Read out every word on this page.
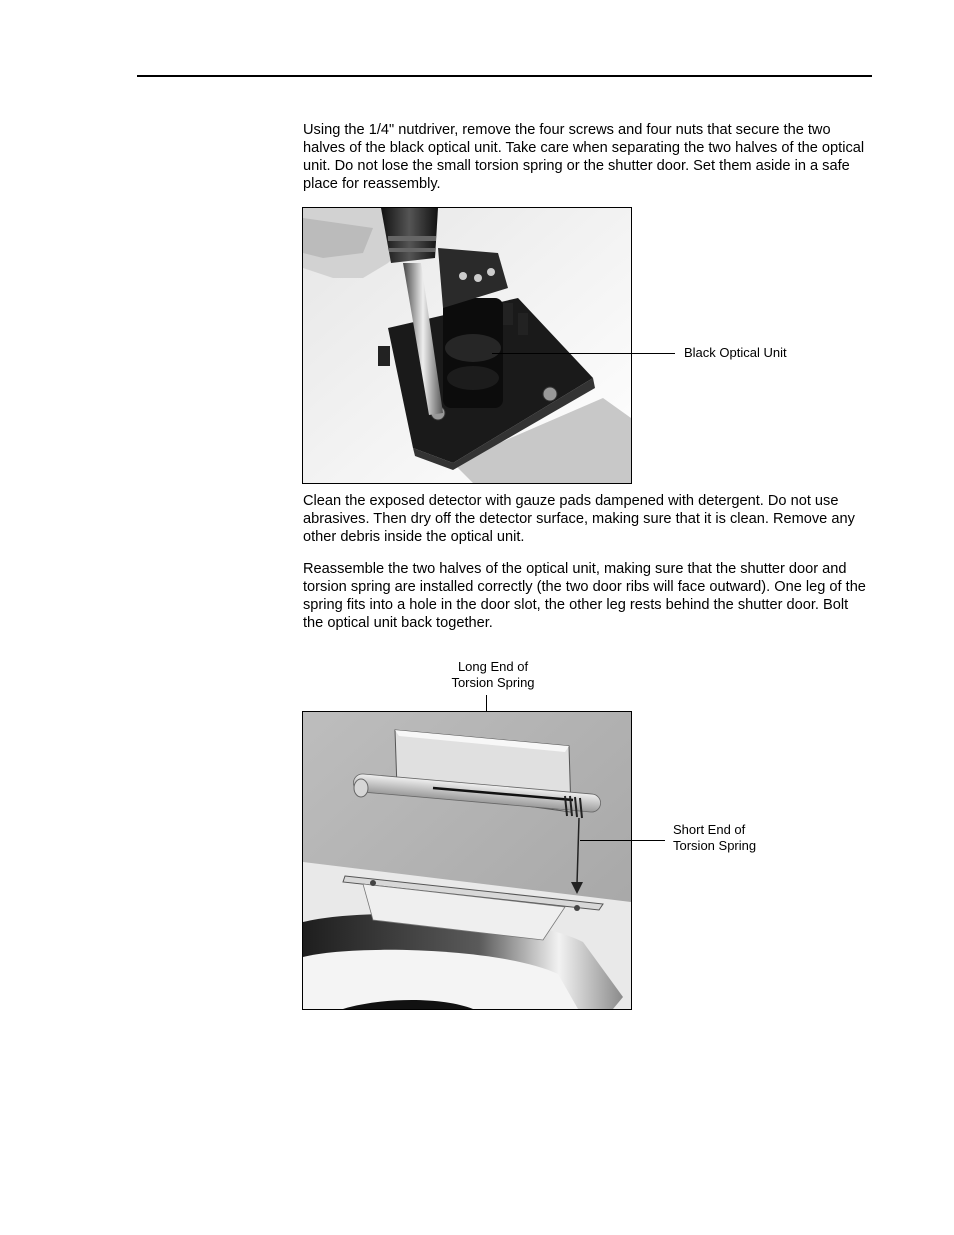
Using the 1/4" nutdriver, remove the four screws and four nuts that secure the two halves of the black optical unit. Take care when separating the two halves of the optical unit. Do not lose the small torsion spring or the shutter door. Set them aside in a safe place for reassembly.

Black Optical Unit

Clean the exposed detector with gauze pads dampened with detergent. Do not use abrasives. Then dry off the detector surface, making sure that it is clean. Remove any other debris inside the optical unit.

Reassemble the two halves of the optical unit, making sure that the shutter door and torsion spring are installed correctly (the two door ribs will face outward). One leg of the spring fits into a hole in the door slot, the other leg rests behind the shutter door. Bolt the optical unit back together.

Long End of
Torsion Spring
Short End of
Torsion Spring
